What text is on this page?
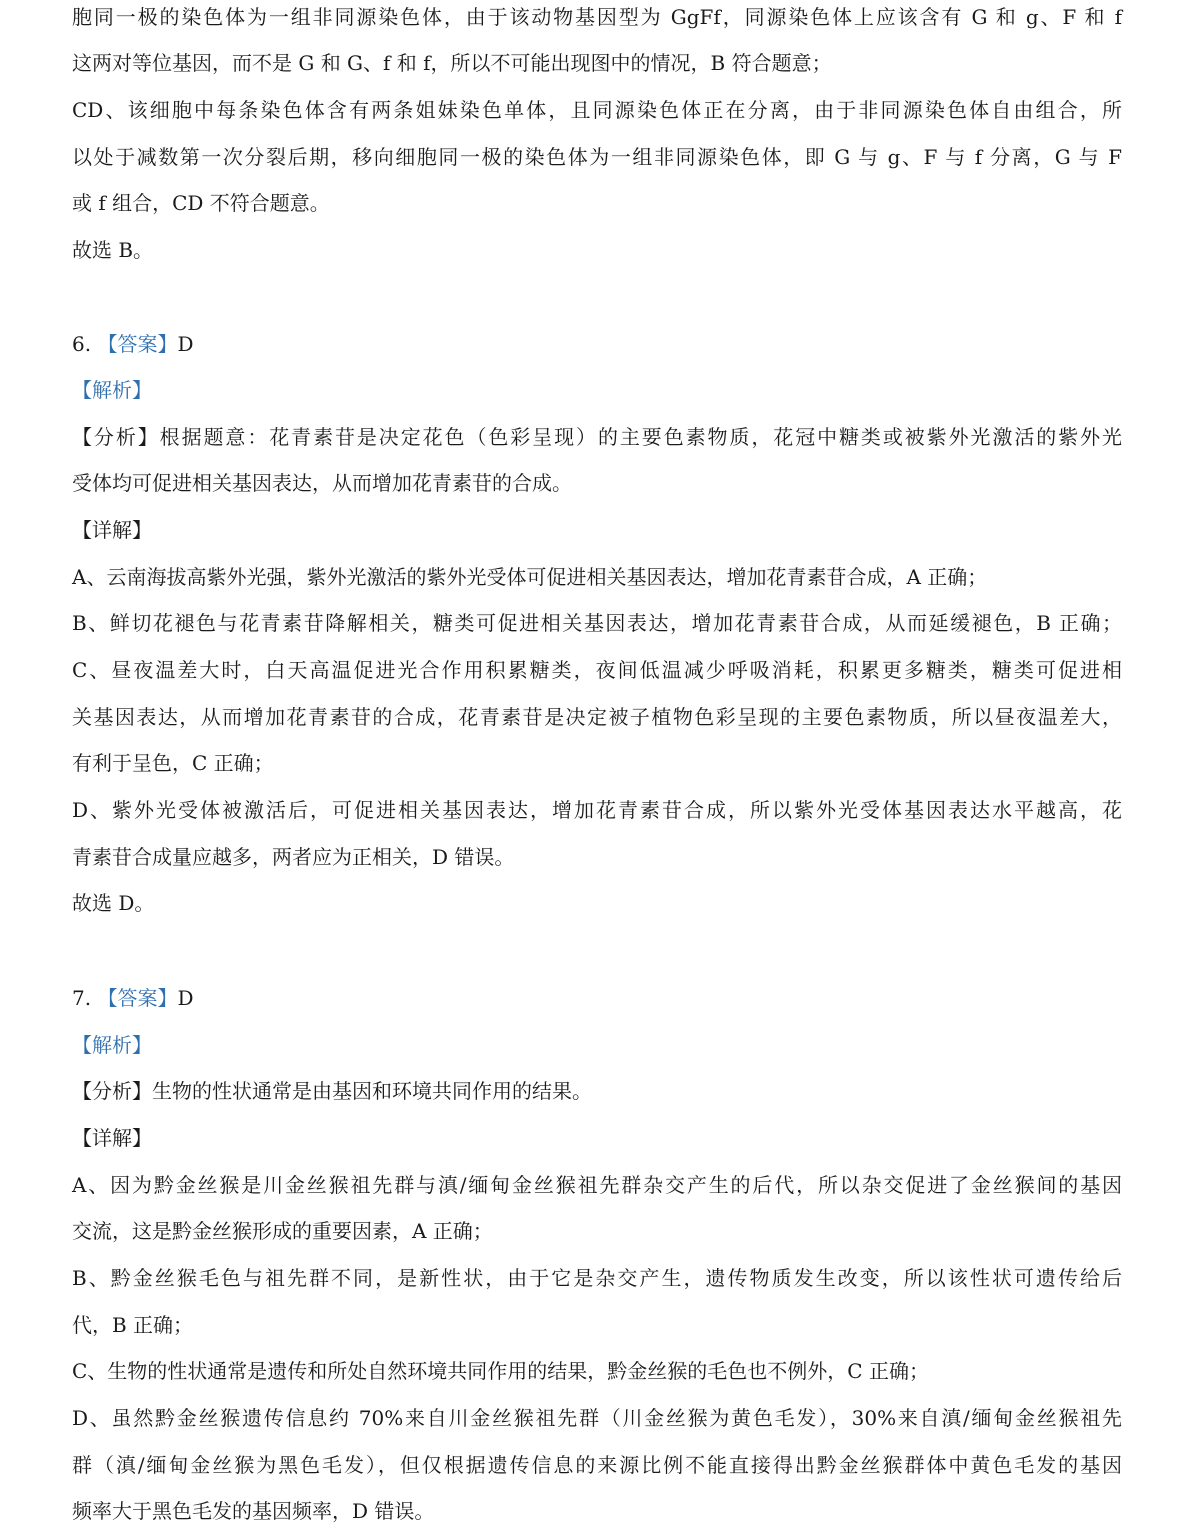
胞同一极的染色体为一组非同源染色体，由于该动物基因型为 GgFf，同源染色体上应该含有 G 和 g、F 和 f
这两对等位基因，而不是 G 和 G、f 和 f，所以不可能出现图中的情况，B 符合题意；
CD、该细胞中每条染色体含有两条姐妹染色单体，且同源染色体正在分离，由于非同源染色体自由组合，所
以处于减数第一次分裂后期，移向细胞同一极的染色体为一组非同源染色体，即 G 与 g、F 与 f 分离，G 与 F
或 f 组合，CD 不符合题意。
故选 B。
6. 【答案】D
【解析】
【分析】根据题意：花青素苷是决定花色（色彩呈现）的主要色素物质，花冠中糖类或被紫外光激活的紫外光
受体均可促进相关基因表达，从而增加花青素苷的合成。
【详解】
A、云南海拔高紫外光强，紫外光激活的紫外光受体可促进相关基因表达，增加花青素苷合成，A 正确；
B、鲜切花褪色与花青素苷降解相关，糖类可促进相关基因表达，增加花青素苷合成，从而延缓褪色，B 正确；
C、昼夜温差大时，白天高温促进光合作用积累糖类，夜间低温减少呼吸消耗，积累更多糖类，糖类可促进相
关基因表达，从而增加花青素苷的合成，花青素苷是决定被子植物色彩呈现的主要色素物质，所以昼夜温差大，
有利于呈色，C 正确；
D、紫外光受体被激活后，可促进相关基因表达，增加花青素苷合成，所以紫外光受体基因表达水平越高，花
青素苷合成量应越多，两者应为正相关，D 错误。
故选 D。
7. 【答案】D
【解析】
【分析】生物的性状通常是由基因和环境共同作用的结果。
【详解】
A、因为黔金丝猴是川金丝猴祖先群与滇/缅甸金丝猴祖先群杂交产生的后代，所以杂交促进了金丝猴间的基因
交流，这是黔金丝猴形成的重要因素，A 正确；
B、黔金丝猴毛色与祖先群不同，是新性状，由于它是杂交产生，遗传物质发生改变，所以该性状可遗传给后
代，B 正确；
C、生物的性状通常是遗传和所处自然环境共同作用的结果，黔金丝猴的毛色也不例外，C 正确；
D、虽然黔金丝猴遗传信息约 70%来自川金丝猴祖先群（川金丝猴为黄色毛发），30%来自滇/缅甸金丝猴祖先
群（滇/缅甸金丝猴为黑色毛发），但仅根据遗传信息的来源比例不能直接得出黔金丝猴群体中黄色毛发的基因
频率大于黑色毛发的基因频率，D 错误。
